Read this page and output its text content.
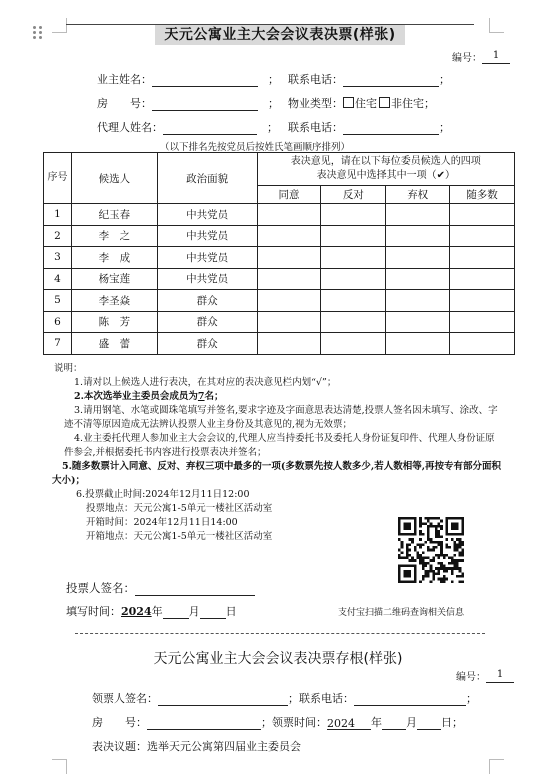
天元公寓业主大会会议表决票(样张)
编号： 1
业主姓名：	； 联系电话：	；
房　　号：	； 物业类型： 住宅 非住宅；
代理人姓名：	； 联系电话：	；
（以下排名先按党员后按姓氏笔画顺序排列）
序号	候选人	政治面貌	表决意见，请在以下每位委员候选人的四项
表决意见中选择其中一项（✔）			

			同意	反对	弃权	随多数
1	纪玉春	中共党员				
2	李　之	中共党员				
3	李　成	中共党员				
4	杨宝莲	中共党员				
5	李圣焱	群众				
6	陈　芳	群众				
7	盛　蕾	群众				

说明：

1.请对以上候选人进行表决，在其对应的表决意见栏内划“√”；

2.本次选举业主委员会成员为7名；

3.请用钢笔、水笔或圆珠笔填写并签名,要求字迹及字面意思表达清楚,投票人签名因未填写、涂改、字迹不清等原因造成无法辨认投票人业主身份及其意见的,视为无效票；

4.业主委托代理人参加业主大会会议的,代理人应当持委托书及委托人身份证复印件、代理人身份证原件参会,并根据委托书内容进行投票表决并签名；

5.随多数票计入同意、反对、弃权三项中最多的一项(多数票先按人数多少,若人数相等,再按专有部分面积大小)；

6.投票截止时间:2024年12月11日12:00

投票地点：天元公寓1-5单元一楼社区活动室

开箱时间：2024年12月11日14:00

开箱地点：天元公寓1-5单元一楼社区活动室

投票人签名：
填写时间：2024年 月 日	支付宝扫描二维码查询相关信息
天元公寓业主大会会议表决票存根(样张)
编号： 1
领票人签名：	；联系电话：	；
房　　号：	；领票时间：2024 年 月 日；
表决议题：选举天元公寓第四届业主委员会
